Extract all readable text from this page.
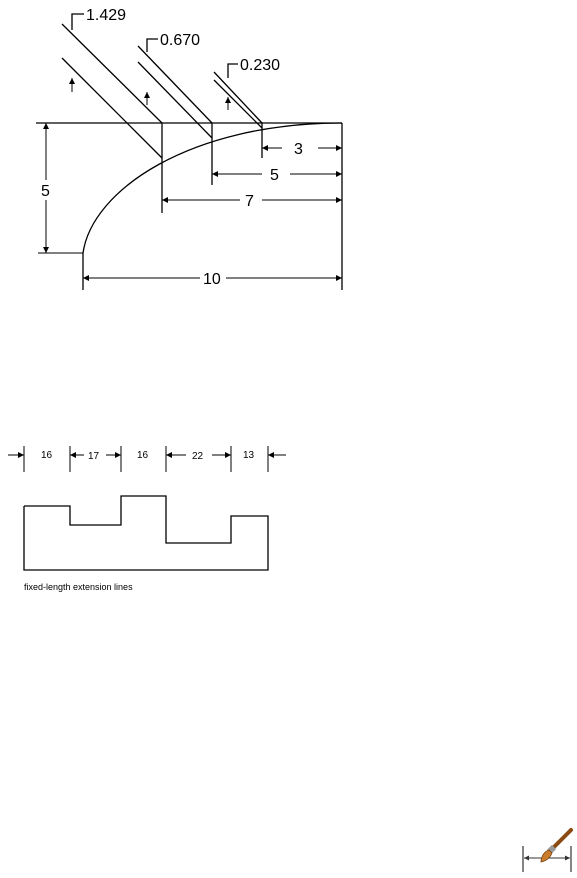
1.429
0.670
0.230
3
5
7
10
5
16	17	16	22	13
fixed-length extension lines
